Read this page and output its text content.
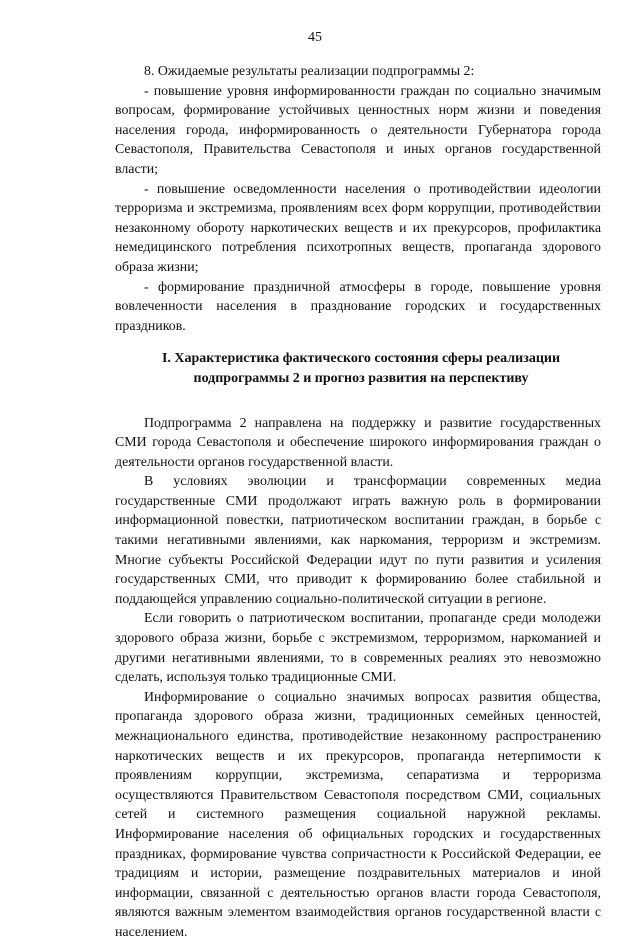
45

8. Ожидаемые результаты реализации подпрограммы 2:

- повышение уровня информированности граждан по социально значимым вопросам, формирование устойчивых ценностных норм жизни и поведения населения города, информированность о деятельности Губернатора города Севастополя, Правительства Севастополя и иных органов государственной власти;

- повышение осведомленности населения о противодействии идеологии терроризма и экстремизма, проявлениям всех форм коррупции, противодействии незаконному обороту наркотических веществ и их прекурсоров, профилактика немедицинского потребления психотропных веществ, пропаганда здорового образа жизни;

- формирование праздничной атмосферы в городе, повышение уровня вовлеченности населения в празднование городских и государственных праздников.

I. Характеристика фактического состояния сферы реализации

подпрограммы 2 и прогноз развития на перспективу

Подпрограмма 2 направлена на поддержку и развитие государственных СМИ города Севастополя и обеспечение широкого информирования граждан о деятельности органов государственной власти.

В условиях эволюции и трансформации современных медиа государственные СМИ продолжают играть важную роль в формировании информационной повестки, патриотическом воспитании граждан, в борьбе с такими негативными явлениями, как наркомания, терроризм и экстремизм. Многие субъекты Российской Федерации идут по пути развития и усиления государственных СМИ, что приводит к формированию более стабильной и поддающейся управлению социально-политической ситуации в регионе.

Если говорить о патриотическом воспитании, пропаганде среди молодежи здорового образа жизни, борьбе с экстремизмом, терроризмом, наркоманией и другими негативными явлениями, то в современных реалиях это невозможно сделать, используя только традиционные СМИ.

Информирование о социально значимых вопросах развития общества, пропаганда здорового образа жизни, традиционных семейных ценностей, межнационального единства, противодействие незаконному распространению наркотических веществ и их прекурсоров, пропаганда нетерпимости к проявлениям коррупции, экстремизма, сепаратизма и терроризма осуществляются Правительством Севастополя посредством СМИ, социальных сетей и системного размещения социальной наружной рекламы. Информирование населения об официальных городских и государственных праздниках, формирование чувства сопричастности к Российской Федерации, ее традициям и истории, размещение поздравительных материалов и иной информации, связанной с деятельностью органов власти города Севастополя, являются важным элементом взаимодействия органов государственной власти с населением.
